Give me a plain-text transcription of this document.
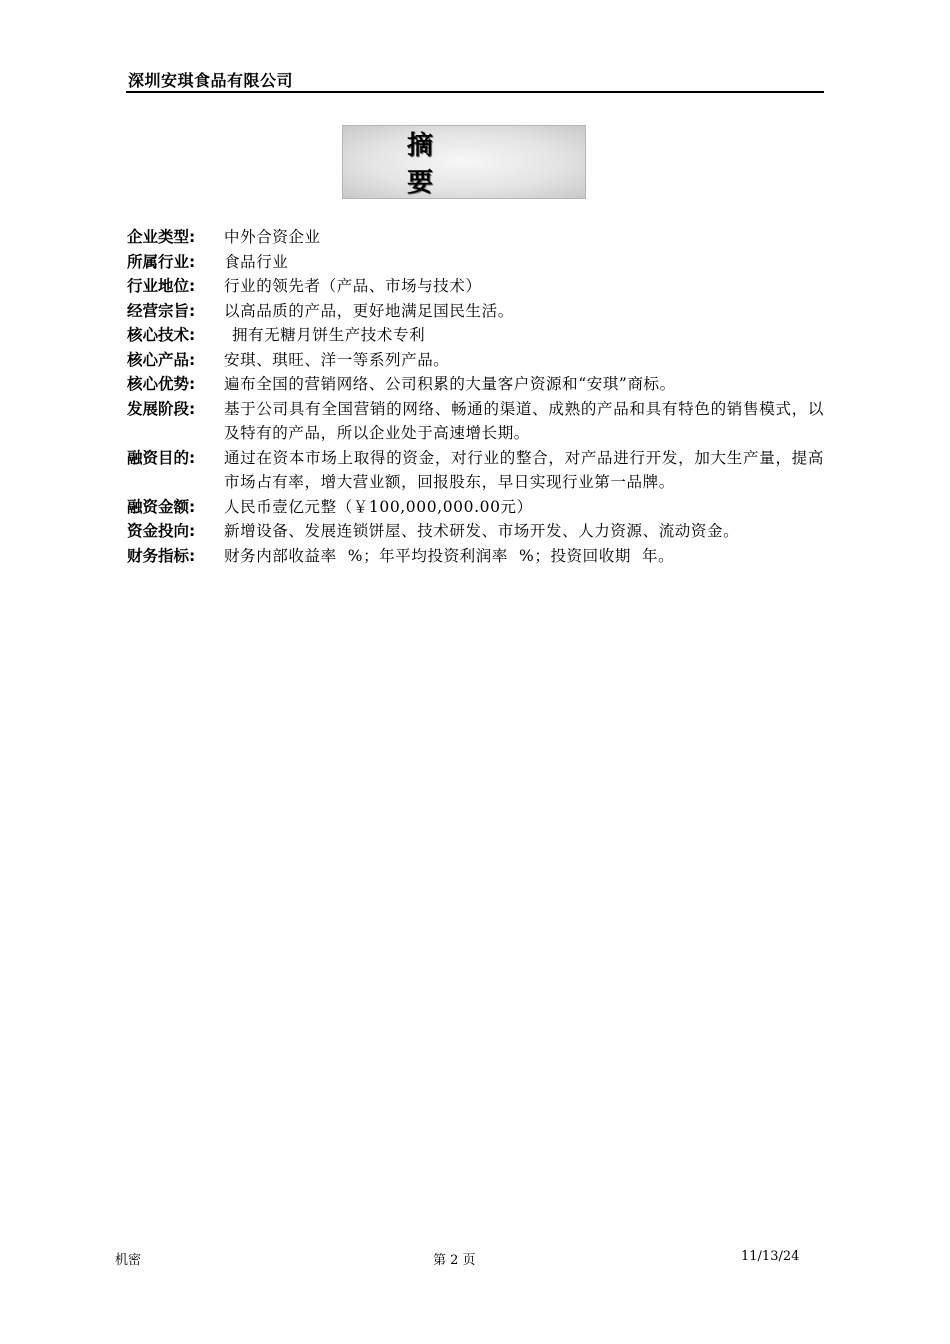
深圳安琪食品有限公司
摘要
企业类型:	中外合资企业
所属行业:	食品行业
行业地位:	行业的领先者（产品、市场与技术）
经营宗旨:	以高品质的产品，更好地满足国民生活。
核心技术:	拥有无糖月饼生产技术专利
核心产品:	安琪、琪旺、洋一等系列产品。
核心优势:	遍布全国的营销网络、公司积累的大量客户资源和“安琪”商标。
发展阶段:	基于公司具有全国营销的网络、畅通的渠道、成熟的产品和具有特色的销售模式，以及特有的产品，所以企业处于高速增长期。
融资目的:	通过在资本市场上取得的资金，对行业的整合，对产品进行开发，加大生产量，提高市场占有率，增大营业额，回报股东，早日实现行业第一品牌。
融资金额:	人民币壹亿元整（￥100,000,000.00元）
资金投向:	新增设备、发展连锁饼屋、技术研发、市场开发、人力资源、流动资金。
财务指标:	财务内部收益率  %；年平均投资利润率  %；投资回收期  年。
机密	第 2 页	11/13/24
